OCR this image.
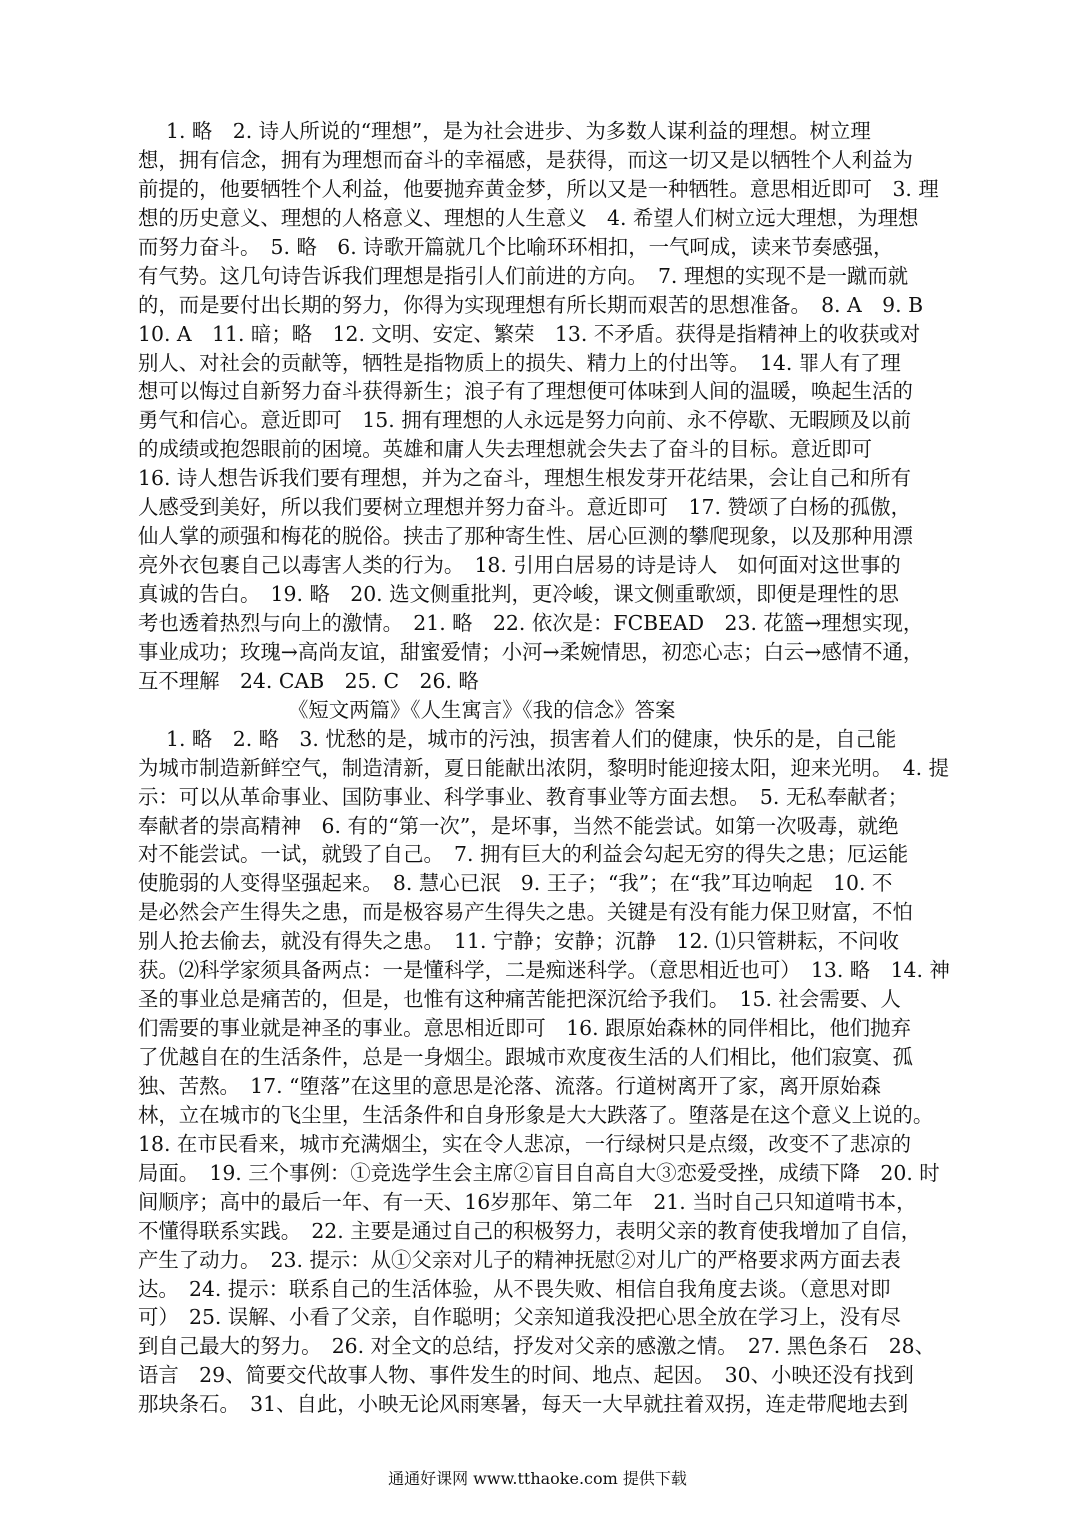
1. 略　2. 诗人所说的“理想”，是为社会进步、为多数人谋利益的理想。树立理
想，拥有信念，拥有为理想而奋斗的幸福感，是获得，而这一切又是以牺牲个人利益为
前提的，他要牺牲个人利益，他要抛弃黄金梦，所以又是一种牺牲。意思相近即可　3. 理
想的历史意义、理想的人格意义、理想的人生意义　4. 希望人们树立远大理想，为理想
而努力奋斗。　5. 略　6. 诗歌开篇就几个比喻环环相扣，一气呵成，读来节奏感强，
有气势。这几句诗告诉我们理想是指引人们前进的方向。　7. 理想的实现不是一蹴而就
的，而是要付出长期的努力，你得为实现理想有所长期而艰苦的思想准备。　8. A　9. B
10. A　11. 暗；略　12. 文明、安定、繁荣　13. 不矛盾。获得是指精神上的收获或对
别人、对社会的贡献等，牺牲是指物质上的损失、精力上的付出等。　14. 罪人有了理
想可以悔过自新努力奋斗获得新生；浪子有了理想便可体味到人间的温暖，唤起生活的
勇气和信心。意近即可　15. 拥有理想的人永远是努力向前、永不停歇、无暇顾及以前
的成绩或抱怨眼前的困境。英雄和庸人失去理想就会失去了奋斗的目标。意近即可
16. 诗人想告诉我们要有理想，并为之奋斗，理想生根发芽开花结果，会让自己和所有
人感受到美好，所以我们要树立理想并努力奋斗。意近即可　17. 赞颂了白杨的孤傲，
仙人掌的顽强和梅花的脱俗。挟击了那种寄生性、居心叵测的攀爬现象，以及那种用漂
亮外衣包裹自己以毒害人类的行为。　18. 引用白居易的诗是诗人　如何面对这世事的
真诚的告白。　19. 略　20. 选文侧重批判，更冷峻，课文侧重歌颂，即便是理性的思
考也透着热烈与向上的激情。　21. 略　22. 依次是：FCBEAD　23. 花篮→理想实现，
事业成功；玫瑰→高尚友谊，甜蜜爱情；小河→柔婉情思，初恋心志；白云→感情不通，
互不理解　24. CAB　25. C　26. 略
《短文两篇》《人生寓言》《我的信念》答案
1. 略　2. 略　3. 忧愁的是，城市的污浊，损害着人们的健康，快乐的是，自己能
为城市制造新鲜空气，制造清新，夏日能献出浓阴，黎明时能迎接太阳，迎来光明。　4. 提
示：可以从革命事业、国防事业、科学事业、教育事业等方面去想。　5. 无私奉献者；
奉献者的崇高精神　6. 有的“第一次”，是坏事，当然不能尝试。如第一次吸毒，就绝
对不能尝试。一试，就毁了自己。　7. 拥有巨大的利益会勾起无穷的得失之患；厄运能
使脆弱的人变得坚强起来。　8. 慧心已泯　9. 王子；“我”；在“我”耳边响起　10. 不
是必然会产生得失之患，而是极容易产生得失之患。关键是有没有能力保卫财富，不怕
别人抢去偷去，就没有得失之患。　11. 宁静；安静；沉静　12. ⑴只管耕耘，不问收
获。⑵科学家须具备两点：一是懂科学，二是痴迷科学。（意思相近也可）　13. 略　14. 神
圣的事业总是痛苦的，但是，也惟有这种痛苦能把深沉给予我们。　15. 社会需要、人
们需要的事业就是神圣的事业。意思相近即可　16. 跟原始森林的同伴相比，他们抛弃
了优越自在的生活条件，总是一身烟尘。跟城市欢度夜生活的人们相比，他们寂寞、孤
独、苦熬。　17. “堕落”在这里的意思是沦落、流落。行道树离开了家，离开原始森
林，立在城市的飞尘里，生活条件和自身形象是大大跌落了。堕落是在这个意义上说的。
18. 在市民看来，城市充满烟尘，实在令人悲凉，一行绿树只是点缀，改变不了悲凉的
局面。　19. 三个事例：①竞选学生会主席②盲目自高自大③恋爱受挫，成绩下降　20. 时
间顺序；高中的最后一年、有一天、16岁那年、第二年　21. 当时自己只知道啃书本，
不懂得联系实践。　22. 主要是通过自己的积极努力，表明父亲的教育使我增加了自信，
产生了动力。　23. 提示：从①父亲对儿子的精神抚慰②对儿广的严格要求两方面去表
达。　24. 提示：联系自己的生活体验，从不畏失败、相信自我角度去谈。（意思对即
可）　25. 误解、小看了父亲，自作聪明；父亲知道我没把心思全放在学习上，没有尽
到自己最大的努力。　26. 对全文的总结，抒发对父亲的感激之情。　27. 黑色条石　28、
语言　29、简要交代故事人物、事件发生的时间、地点、起因。　30、小映还没有找到
那块条石。　31、自此，小映无论风雨寒暑，每天一大早就拄着双拐，连走带爬地去到
通通好课网 www.tthaoke.com 提供下载
